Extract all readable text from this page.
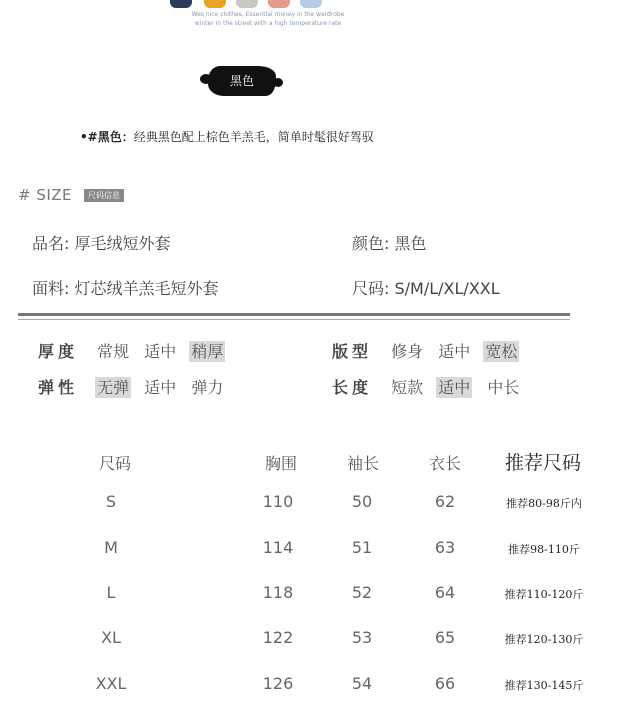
Wes nice clothes, Essential money in the wardrobe
winter in the street with a high temperature rate
黑色
•#黑色：经典黑色配上棕色羊羔毛，简单时髦很好驾驭
# SIZE	尺码信息
品名: 厚毛绒短外套	颜色: 黑色
面料: 灯芯绒羊羔毛短外套	尺码: S/M/L/XL/XXL
厚度 常规 适中 稍厚	版型 修身 适中 宽松
弹性 无弹 适中 弹力	长度 短款 适中 中长
尺码	胸围	袖长	衣长	推荐尺码
S	110	50	62	推荐80-98斤内
M	114	51	63	推荐98-110斤
L	118	52	64	推荐110-120斤
XL	122	53	65	推荐120-130斤
XXL	126	54	66	推荐130-145斤
